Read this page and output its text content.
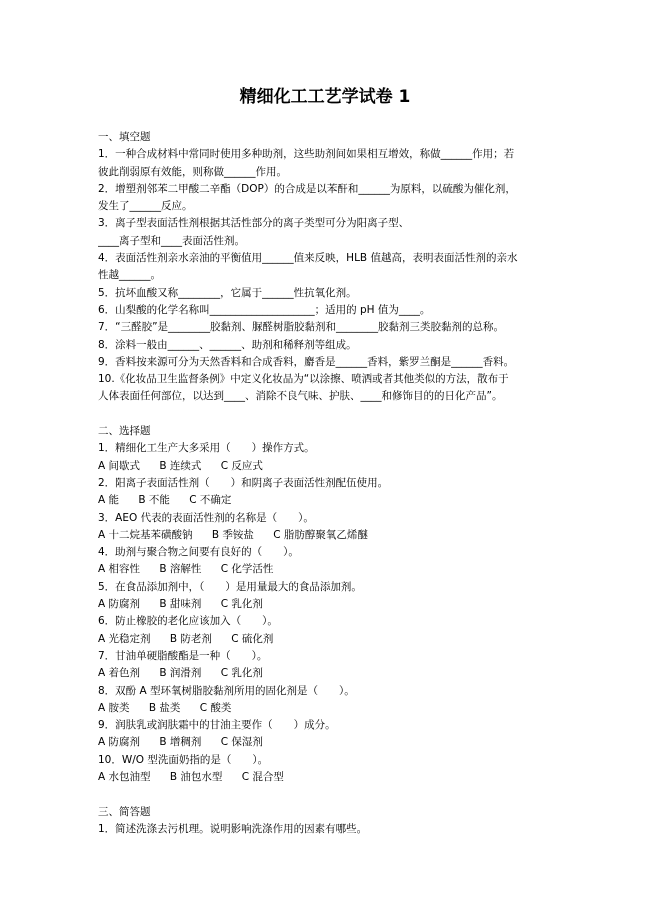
精细化工工艺学试卷 1
一、填空题
1．一种合成材料中常同时使用多种助剂，这些助剂间如果相互增效，称做______作用；若
彼此削弱原有效能，则称做______作用。
2．增塑剂邻苯二甲酸二辛酯（DOP）的合成是以苯酐和______为原料，以硫酸为催化剂，
发生了______反应。
3．离子型表面活性剂根据其活性部分的离子类型可分为阳离子型、
____离子型和____表面活性剂。
4．表面活性剂亲水亲油的平衡值用______值来反映，HLB 值越高，表明表面活性剂的亲水
性越______。
5．抗坏血酸又称________，它属于______性抗氧化剂。
6．山梨酸的化学名称叫____________________；适用的 pH 值为____。
7．“三醛胶”是________胶黏剂、脲醛树脂胶黏剂和________胶黏剂三类胶黏剂的总称。
8．涂料一般由______、______、助剂和稀释剂等组成。
9．香料按来源可分为天然香料和合成香料，麝香是______香料，紫罗兰酮是______香料。
10.《化妆品卫生监督条例》中定义化妆品为“以涂擦、喷洒或者其他类似的方法，散布于
人体表面任何部位，以达到____、消除不良气味、护肤、____和修饰目的的日化产品”。
二、选择题
1．精细化工生产大多采用（　　）操作方式。
A 间歇式 B 连续式 C 反应式
2．阳离子表面活性剂（　　）和阴离子表面活性剂配伍使用。
A 能 B 不能 C 不确定
3．AEO 代表的表面活性剂的名称是（　　）。
A 十二烷基苯磺酸钠 B 季铵盐 C 脂肪醇聚氧乙烯醚
4．助剂与聚合物之间要有良好的（　　）。
A 相容性 B 溶解性 C 化学活性
5．在食品添加剂中，（　　）是用量最大的食品添加剂。
A 防腐剂 B 甜味剂 C 乳化剂
6．防止橡胶的老化应该加入（　　）。
A 光稳定剂 B 防老剂 C 硫化剂
7．甘油单硬脂酸酯是一种（　　）。
A 着色剂 B 润滑剂 C 乳化剂
8．双酚 A 型环氧树脂胶黏剂所用的固化剂是（　　）。
A 胺类 B 盐类 C 酸类
9．润肤乳或润肤霜中的甘油主要作（　　）成分。
A 防腐剂 B 增稠剂 C 保湿剂
10．W/O 型洗面奶指的是（　　）。
A 水包油型 B 油包水型 C 混合型
三、简答题
1．简述洗涤去污机理。说明影响洗涤作用的因素有哪些。
